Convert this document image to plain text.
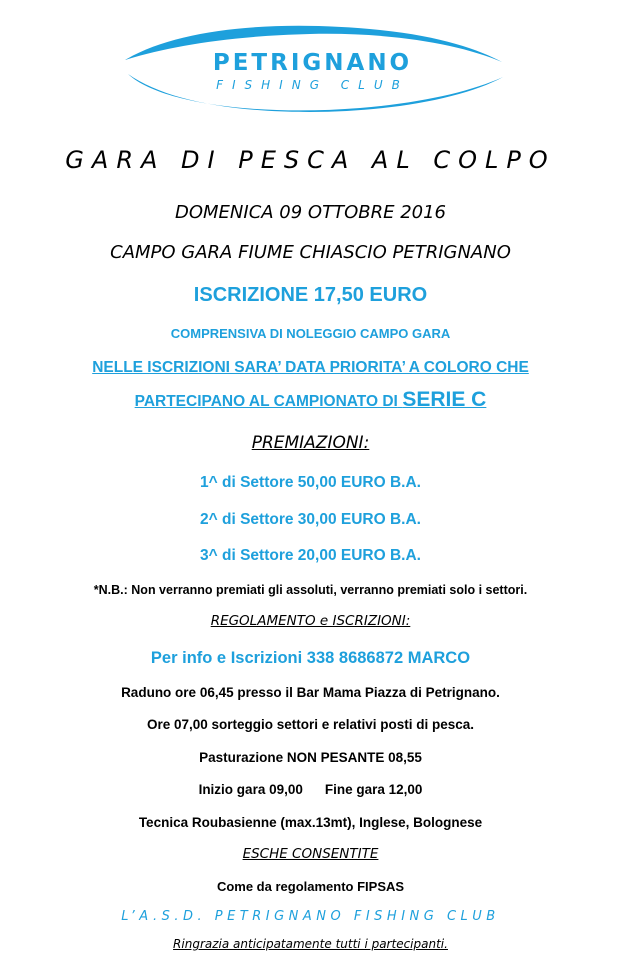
PETRIGNANO
FISHING CLUB
GARA DI PESCA AL COLPO
DOMENICA 09 OTTOBRE 2016
CAMPO GARA FIUME CHIASCIO PETRIGNANO
ISCRIZIONE 17,50 EURO
COMPRENSIVA DI NOLEGGIO CAMPO GARA
NELLE ISCRIZIONI SARA’ DATA PRIORITA’ A COLORO CHE
PARTECIPANO AL CAMPIONATO DI SERIE C
PREMIAZIONI:
1^ di Settore 50,00 EURO B.A.
2^ di Settore 30,00 EURO B.A.
3^ di Settore 20,00 EURO B.A.
*N.B.: Non verranno premiati gli assoluti, verranno premiati solo i settori.
REGOLAMENTO e ISCRIZIONI:
Per info e Iscrizioni 338 8686872 MARCO
Raduno ore 06,45 presso il Bar Mama Piazza di Petrignano.
Ore 07,00 sorteggio settori e relativi posti di pesca.
Pasturazione NON PESANTE 08,55
Inizio gara 09,00 Fine gara 12,00
Tecnica Roubasienne (max.13mt), Inglese, Bolognese
ESCHE CONSENTITE
Come da regolamento FIPSAS
L’A.S.D. PETRIGNANO FISHING CLUB
Ringrazia anticipatamente tutti i partecipanti.
